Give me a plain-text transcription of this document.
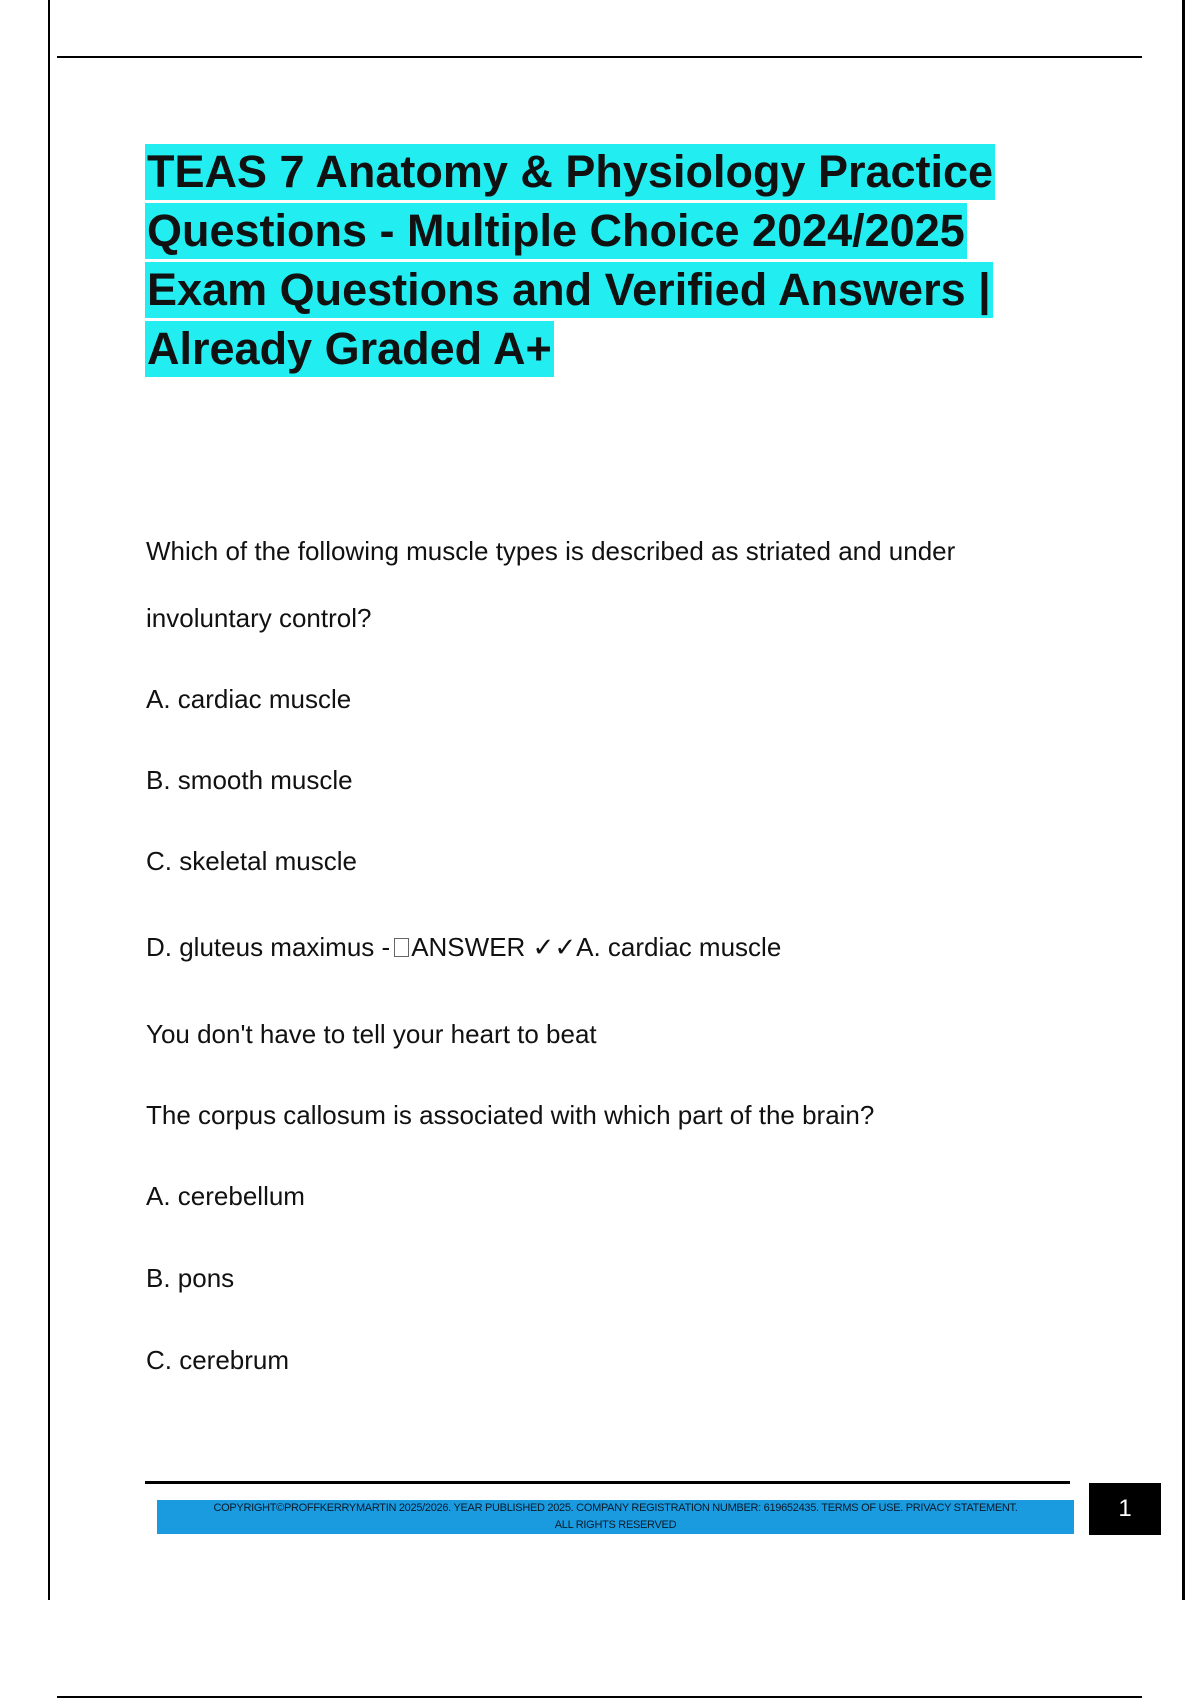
TEAS 7 Anatomy & Physiology Practice Questions - Multiple Choice 2024/2025 Exam Questions and Verified Answers | Already Graded A+

Which of the following muscle types is described as striated and under

involuntary control?

A. cardiac muscle

B. smooth muscle

C. skeletal muscle

D. gluteus maximus - ANSWER ✓✓A. cardiac muscle

You don't have to tell your heart to beat

The corpus callosum is associated with which part of the brain?

A. cerebellum

B. pons

C. cerebrum

COPYRIGHT©PROFFKERRYMARTIN 2025/2026. YEAR PUBLISHED 2025. COMPANY REGISTRATION NUMBER: 619652435. TERMS OF USE. PRIVACY STATEMENT.
ALL RIGHTS RESERVED
1
